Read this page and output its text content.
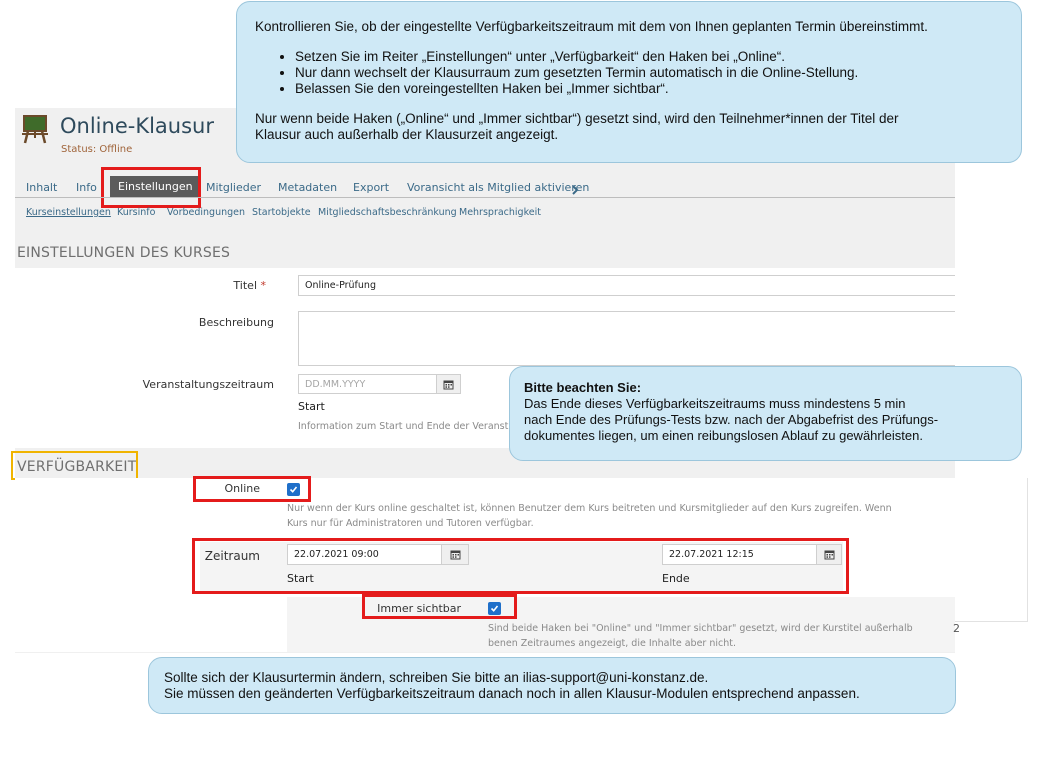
Online-Klausur
Status: Offline
Inhalt Info	Einstellungen	Mitglieder Metadaten Export Voransicht als Mitglied aktivieren
Kurseinstellungen Kursinfo Vorbedingungen Startobjekte Mitgliedschaftsbeschränkung Mehrsprachigkeit
EINSTELLUNGEN DES KURSES
Titel *	Online-Prüfung
Beschreibung
Veranstaltungszeitraum	DD.MM.YYYY
Start
Information zum Start und Ende der Veranst
VERFÜGBARKEIT
Online
Nur wenn der Kurs online geschaltet ist, können Benutzer dem Kurs beitreten und Kursmitglieder auf den Kurs zugreifen. Wenn
Kurs nur für Administratoren und Tutoren verfügbar.
Zeitraum	22.07.2021 09:00
Start
22.07.2021 12:15
Ende
Immer sichtbar
Sind beide Haken bei "Online" und "Immer sichtbar" gesetzt, wird der Kurstitel außerhalb
benen Zeitraumes angezeigt, die Inhalte aber nicht.
2
Kontrollieren Sie, ob der eingestellte Verfügbarkeitszeitraum mit dem von Ihnen geplanten Termin übereinstimmt.
• Setzen Sie im Reiter „Einstellungen“ unter „Verfügbarkeit“ den Haken bei „Online“.
• Nur dann wechselt der Klausurraum zum gesetzten Termin automatisch in die Online-Stellung.
• Belassen Sie den voreingestellten Haken bei „Immer sichtbar“.
Nur wenn beide Haken („Online“ und „Immer sichtbar“) gesetzt sind, wird den Teilnehmer*innen der Titel der
Klausur auch außerhalb der Klausurzeit angezeigt.
Bitte beachten Sie:
Das Ende dieses Verfügbarkeitszeitraums muss mindestens 5 min
nach Ende des Prüfungs-Tests bzw. nach der Abgabefrist des Prüfungs-
dokumentes liegen, um einen reibungslosen Ablauf zu gewährleisten.
Sollte sich der Klausurtermin ändern, schreiben Sie bitte an ilias-support@uni-konstanz.de.
Sie müssen den geänderten Verfügbarkeitszeitraum danach noch in allen Klausur-Modulen entsprechend anpassen.
